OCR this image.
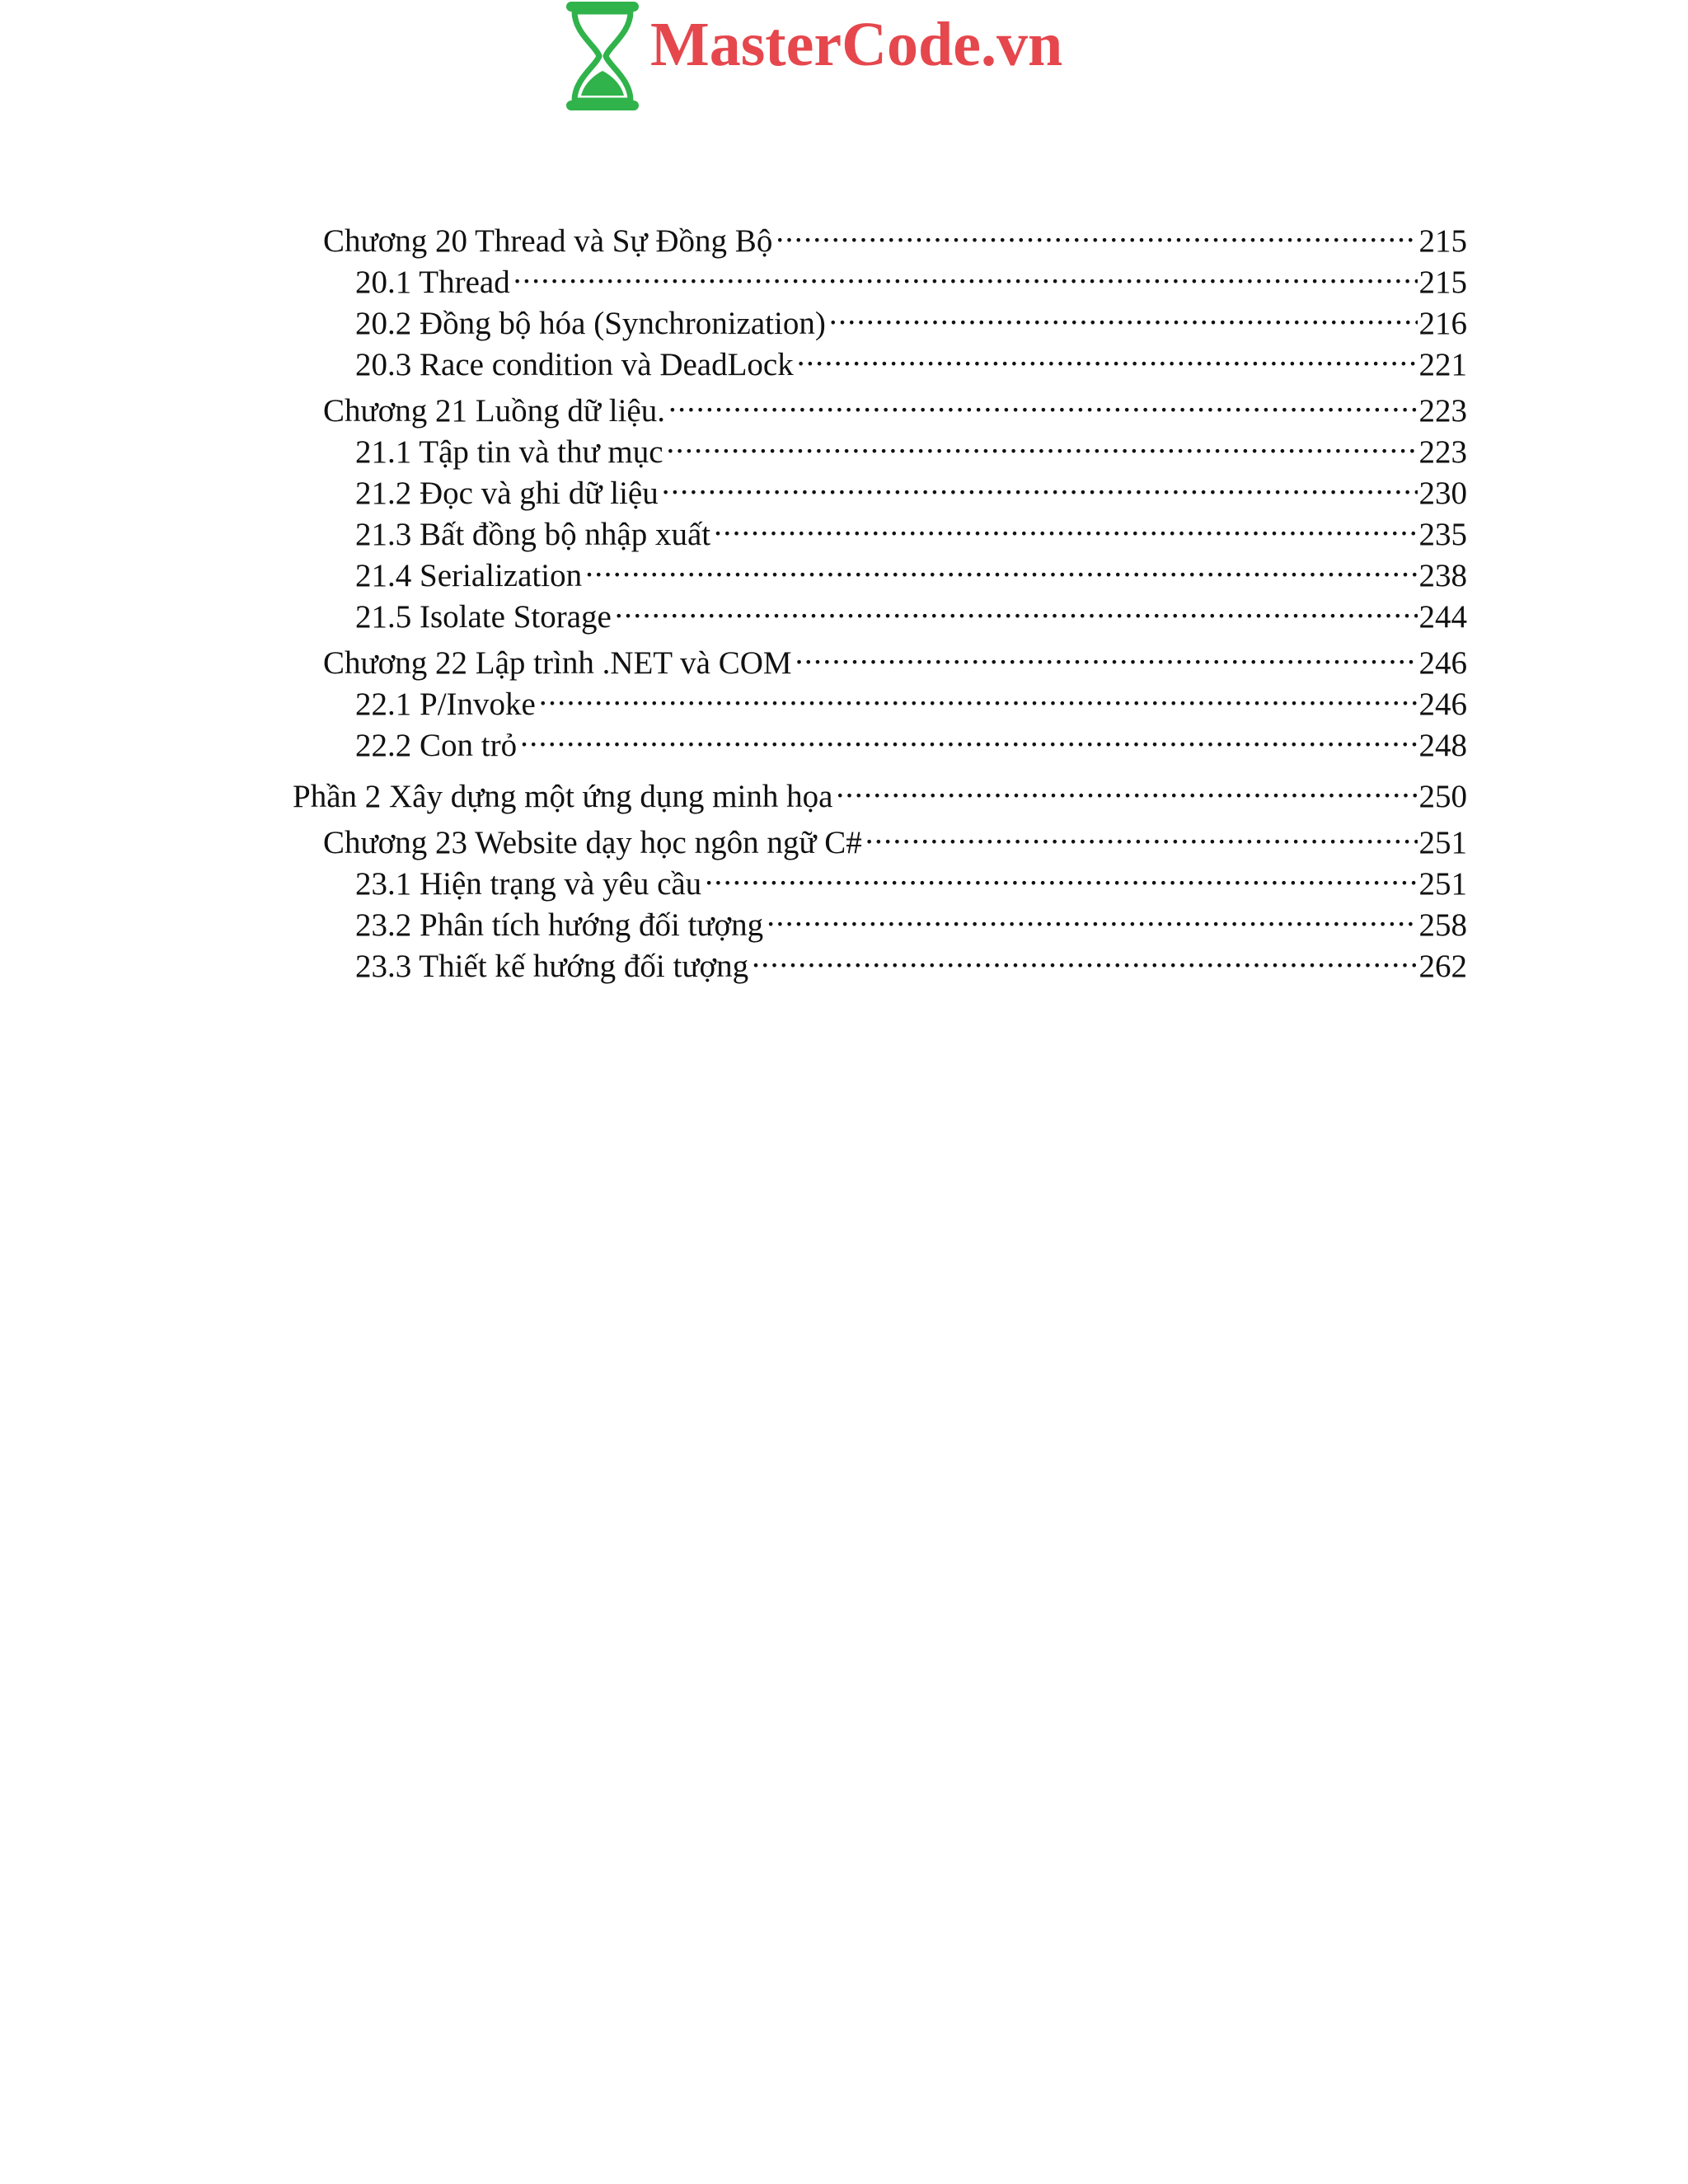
MasterCode.vn
Chương 20 Thread và Sự Đồng Bộ .....	215
20.1 Thread .....	215
20.2 Đồng bộ hóa (Synchronization) .....	216
20.3 Race condition và DeadLock .....	221
Chương 21 Luồng dữ liệu. .....	223
21.1 Tập tin và thư mục .....	223
21.2 Đọc và ghi dữ liệu .....	230
21.3 Bất đồng bộ nhập xuất .....	235
21.4 Serialization .....	238
21.5 Isolate Storage .....	244
Chương 22 Lập trình .NET và COM .....	246
22.1 P/Invoke .....	246
22.2 Con trỏ .....	248
Phần 2 Xây dựng một ứng dụng minh họa .....	250
Chương 23 Website dạy học ngôn ngữ C# .....	251
23.1 Hiện trạng và yêu cầu .....	251
23.2 Phân tích hướng đối tượng .....	258
23.3 Thiết kế hướng đối tượng .....	262
